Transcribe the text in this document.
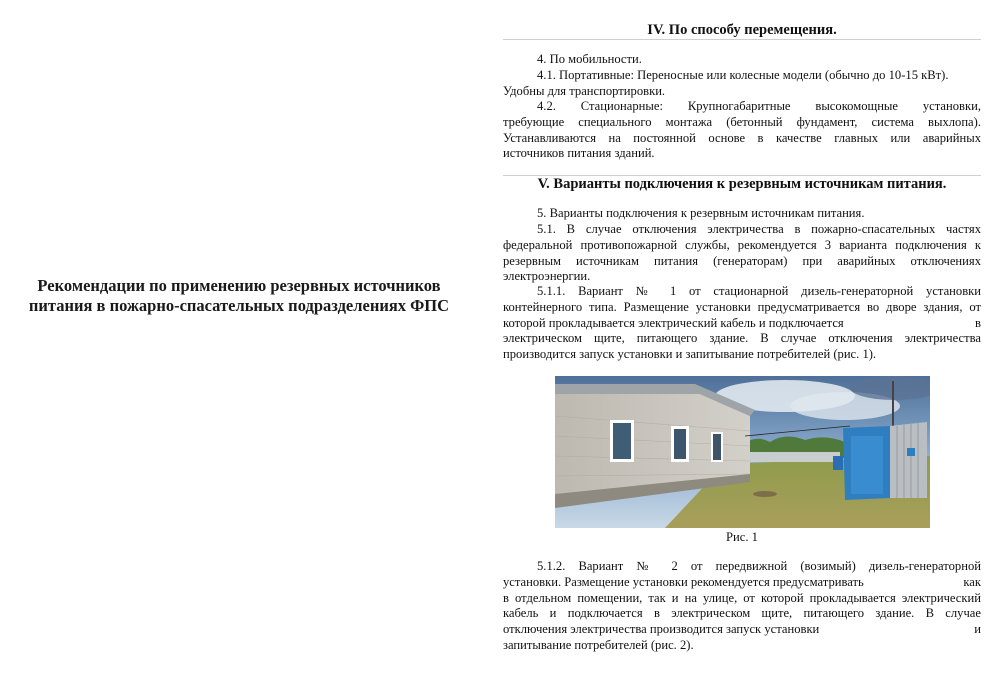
Рекомендации по применению резервных источников
питания в пожарно-спасательных подразделениях ФПС
IV. По способу перемещения.
4. По мобильности.
4.1. Портативные: Переносные или колесные модели (обычно до 10-15 кВт).
Удобны для транспортировки.
4.2. Стационарные: Крупногабаритные высокомощные установки,
требующие специального монтажа (бетонный фундамент, система выхлопа).
Устанавливаются на постоянной основе в качестве главных или аварийных
источников питания зданий.
V. Варианты подключения к резервным источникам питания.
5. Варианты подключения к резервным источникам питания.
5.1. В случае отключения электричества в пожарно-спасательных частях
федеральной противопожарной службы, рекомендуется 3 варианта подключения к
резервным источникам питания (генераторам) при аварийных отключениях
электроэнергии.
5.1.1. Вариант № 1 от стационарной дизель-генераторной установки
контейнерного типа. Размещение установки предусматривается во дворе здания, от
которой прокладывается электрический кабель и подключается	в
электрическом щите, питающего здание. В случае отключения электричества
производится запуск установки и запитывание потребителей (рис. 1).
5.1.2. Вариант № 2 от передвижной (возимый) дизель-генераторной
установки. Размещение установки рекомендуется предусматривать	как
в отдельном помещении, так и на улице, от которой прокладывается электрический
кабель и подключается в электрическом щите, питающего здание. В случае
отключения электричества производится запуск установки	и
запитывание потребителей (рис. 2).
Рис. 1
